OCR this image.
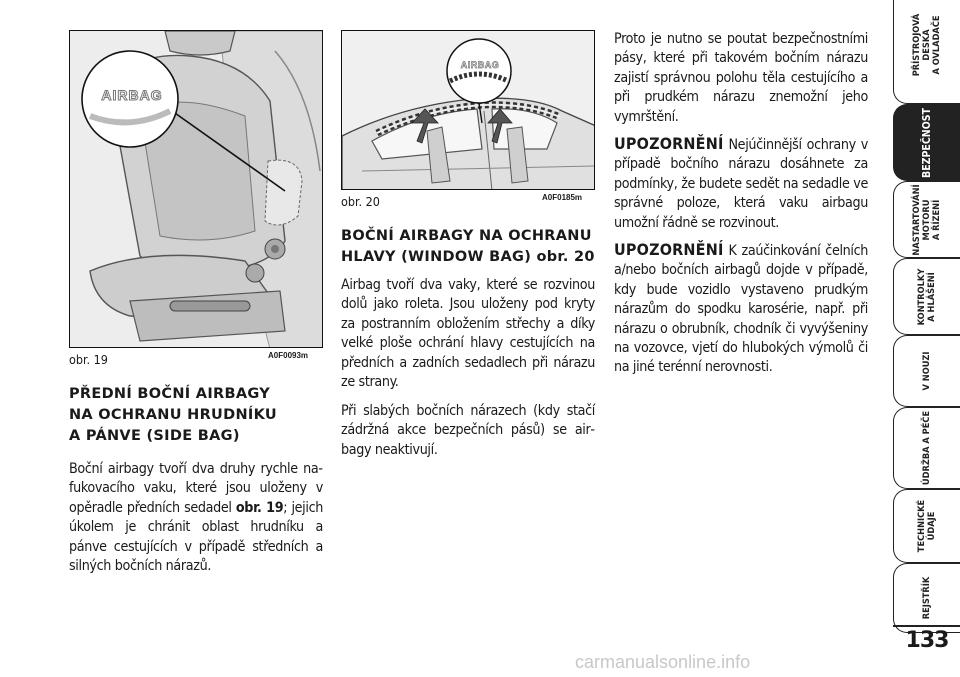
AIRBAG
obr. 19	A0F0093m
AIRBAG
obr. 20	A0F0185m
PŘEDNÍ BOČNÍ AIRBAGY
NA OCHRANU HRUDNÍKU
A PÁNVE (SIDE BAG)
Boční airbagy tvoří dva druhy rychle nafukovacího vaku, které jsou uloženy v opěradle předních sedadel obr. 19; jejich úkolem je chránit oblast hrudníku a pánve cestujících v případě středních a silných bočních nárazů.
BOČNÍ AIRBAGY NA OCHRANU
HLAVY (WINDOW BAG) obr. 20
Airbag tvoří dva vaky, které se rozvinou dolů jako roleta. Jsou uloženy pod kryty za postranním obložením střechy a díky velké ploše ochrání hlavy cestujících na předních a zadních sedadlech při nárazu ze strany.
Při slabých bočních nárazech (kdy stačí zádržná akce bezpečních pásů) se airbagy neaktivují.
Proto je nutno se poutat bezpečnostními pásy, které při takovém bočním nárazu zajistí správnou polohu těla cestujícího a při prudkém nárazu znemožní jeho vymrštění.
UPOZORNĚNÍ Nejúčinnější ochrany v případě bočního nárazu dosáhnete za podmínky, že budete sedět na sedadle ve správné poloze, která vaku airbagu umožní řádně se rozvinout.
UPOZORNĚNÍ K zaúčinkování čelních a/nebo bočních airbagů dojde v případě, kdy bude vozidlo vystaveno prudkým nárazům do spodku karosérie, např. při nárazu o obrubník, chodník či vyvýšeniny na vozovce, vjetí do hlubokých výmolů či na jiné terénní nerovnosti.
PŘÍSTROJOVÁ DESKA A OVLADAČE
BEZPEČNOST
NASTARTOVÁNÍ MOTORU A ŘÍZENÍ
KONTROLKY A HLÁŠENÍ
V NOUZI
ÚDRŽBA A PÉČE
TECHNICKÉ ÚDAJE
REJSTŘÍK
133
carmanualsonline.info
